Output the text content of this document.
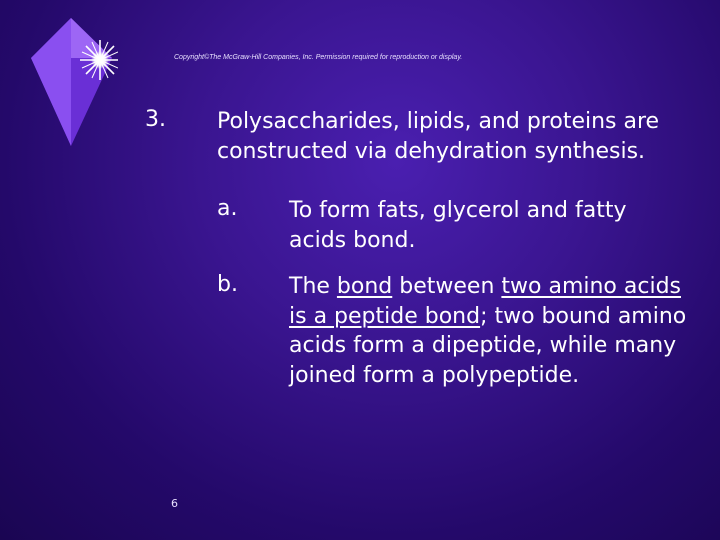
Copyright©The McGraw-Hill Companies, Inc. Permission required for reproduction or display.
3. Polysaccharides, lipids, and proteins are constructed via dehydration synthesis.
a. To form fats, glycerol and fatty acids bond.
b. The bond between two amino acids is a peptide bond; two bound amino acids form a dipeptide, while many joined form a polypeptide.
6
